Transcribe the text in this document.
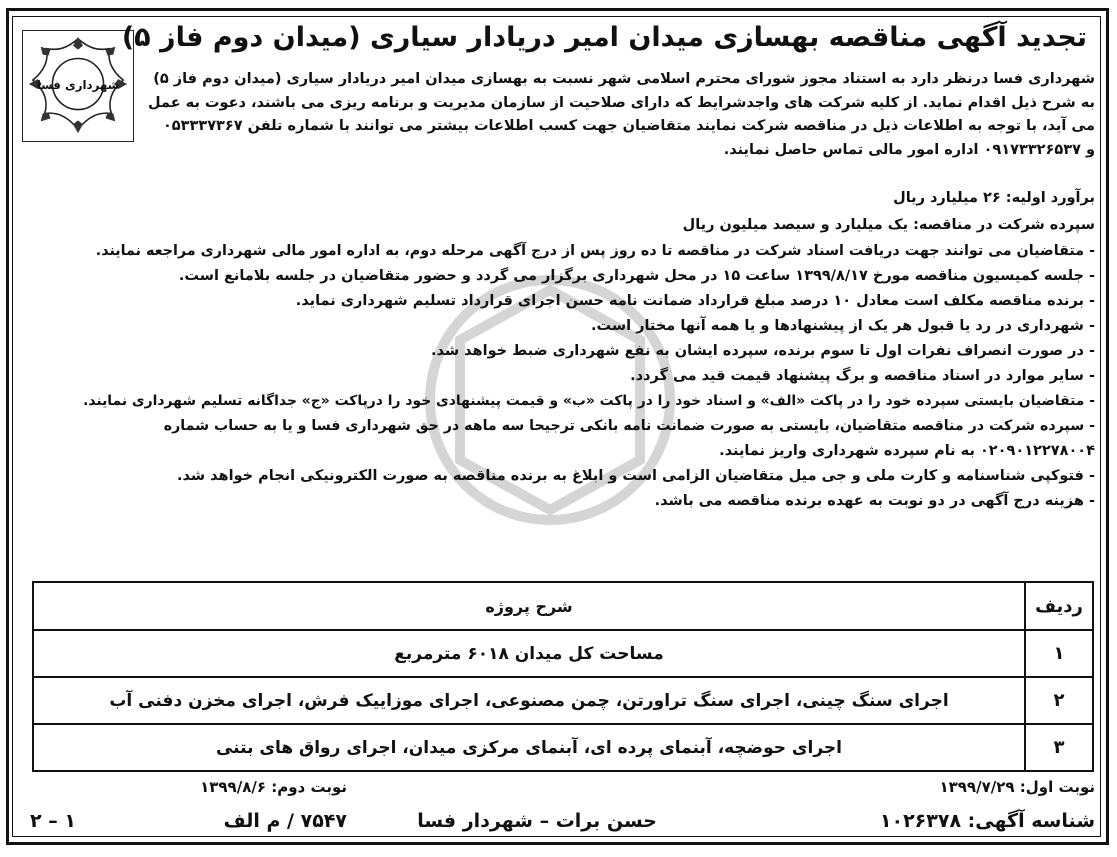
شهرداری فسا
تجدید آگهی مناقصه بهسازی میدان امیر دریادار سیاری (میدان دوم فاز ۵)

شهرداری فسا درنظر دارد به استناد مجوز شورای محترم اسلامی شهر نسبت به بهسازی میدان امیر دریادار سیاری (میدان دوم فاز ۵)

به شرح ذیل اقدام نماید. از کلیه شرکت های واجدشرایط که دارای صلاحیت از سازمان مدیریت و برنامه ریزی می باشند، دعوت به عمل

می آید، با توجه به اطلاعات ذیل در مناقصه شرکت نمایند متقاضیان جهت کسب اطلاعات بیشتر می توانند با شماره تلفن ۰۵۳۳۳۷۳۶۷

و ۰۹۱۷۳۳۲۶۵۳۷ اداره امور مالی تماس حاصل نمایند.

برآورد اولیه: ۲۶ میلیارد ریال
سپرده شرکت در مناقصه: یک میلیارد و سیصد میلیون ریال
- متقاضیان می توانند جهت دریافت اسناد شرکت در مناقصه تا ده روز پس از درج آگهی مرحله دوم، به اداره امور مالی شهرداری مراجعه نمایند.
- جلسه کمیسیون مناقصه مورخ ۱۳۹۹/۸/۱۷ ساعت ۱۵ در محل شهرداری برگزار می گردد و حضور متقاضیان در جلسه بلامانع است.
- برنده مناقصه مکلف است معادل ۱۰ درصد مبلغ قرارداد ضمانت نامه حسن اجرای قرارداد تسلیم شهرداری نماید.
- شهرداری در رد یا قبول هر یک از پیشنهادها و یا همه آنها مختار است.
- در صورت انصراف نفرات اول تا سوم برنده، سپرده ایشان به نفع شهرداری ضبط خواهد شد.
- سایر موارد در اسناد مناقصه و برگ پیشنهاد قیمت قید می گردد.
- متقاضیان بایستی سپرده خود را در پاکت «الف» و اسناد خود را در پاکت «ب» و قیمت پیشنهادی خود را درپاکت «ج» جداگانه تسلیم شهرداری نمایند.
- سپرده شرکت در مناقصه متقاضیان، بایستی به صورت ضمانت نامه بانکی ترجیحا سه ماهه در حق شهرداری فسا و یا به حساب شماره
۰۲۰۹۰۱۲۲۷۸۰۰۴ به نام سپرده شهرداری واریز نمایند.
- فتوکپی شناسنامه و کارت ملی و جی میل متقاضیان الزامی است و ابلاغ به برنده مناقصه به صورت الکترونیکی انجام خواهد شد.
- هزینه درج آگهی در دو نوبت به عهده برنده مناقصه می باشد.
ردیف	شرح پروژه
۱	مساحت کل میدان ۶۰۱۸ مترمربع
۲	اجرای سنگ چینی، اجرای سنگ تراورتن، چمن مصنوعی، اجرای موزاییک فرش، اجرای مخزن دفنی آب
۳	اجرای حوضچه، آبنمای پرده ای، آبنمای مرکزی میدان، اجرای رواق های بتنی
نوبت اول: ۱۳۹۹/۷/۲۹
نوبت دوم: ۱۳۹۹/۸/۶
شناسه آگهی: ۱۰۲۶۳۷۸
حسن برات – شهردار فسا
۷۵۴۷ / م الف
۱ – ۲
